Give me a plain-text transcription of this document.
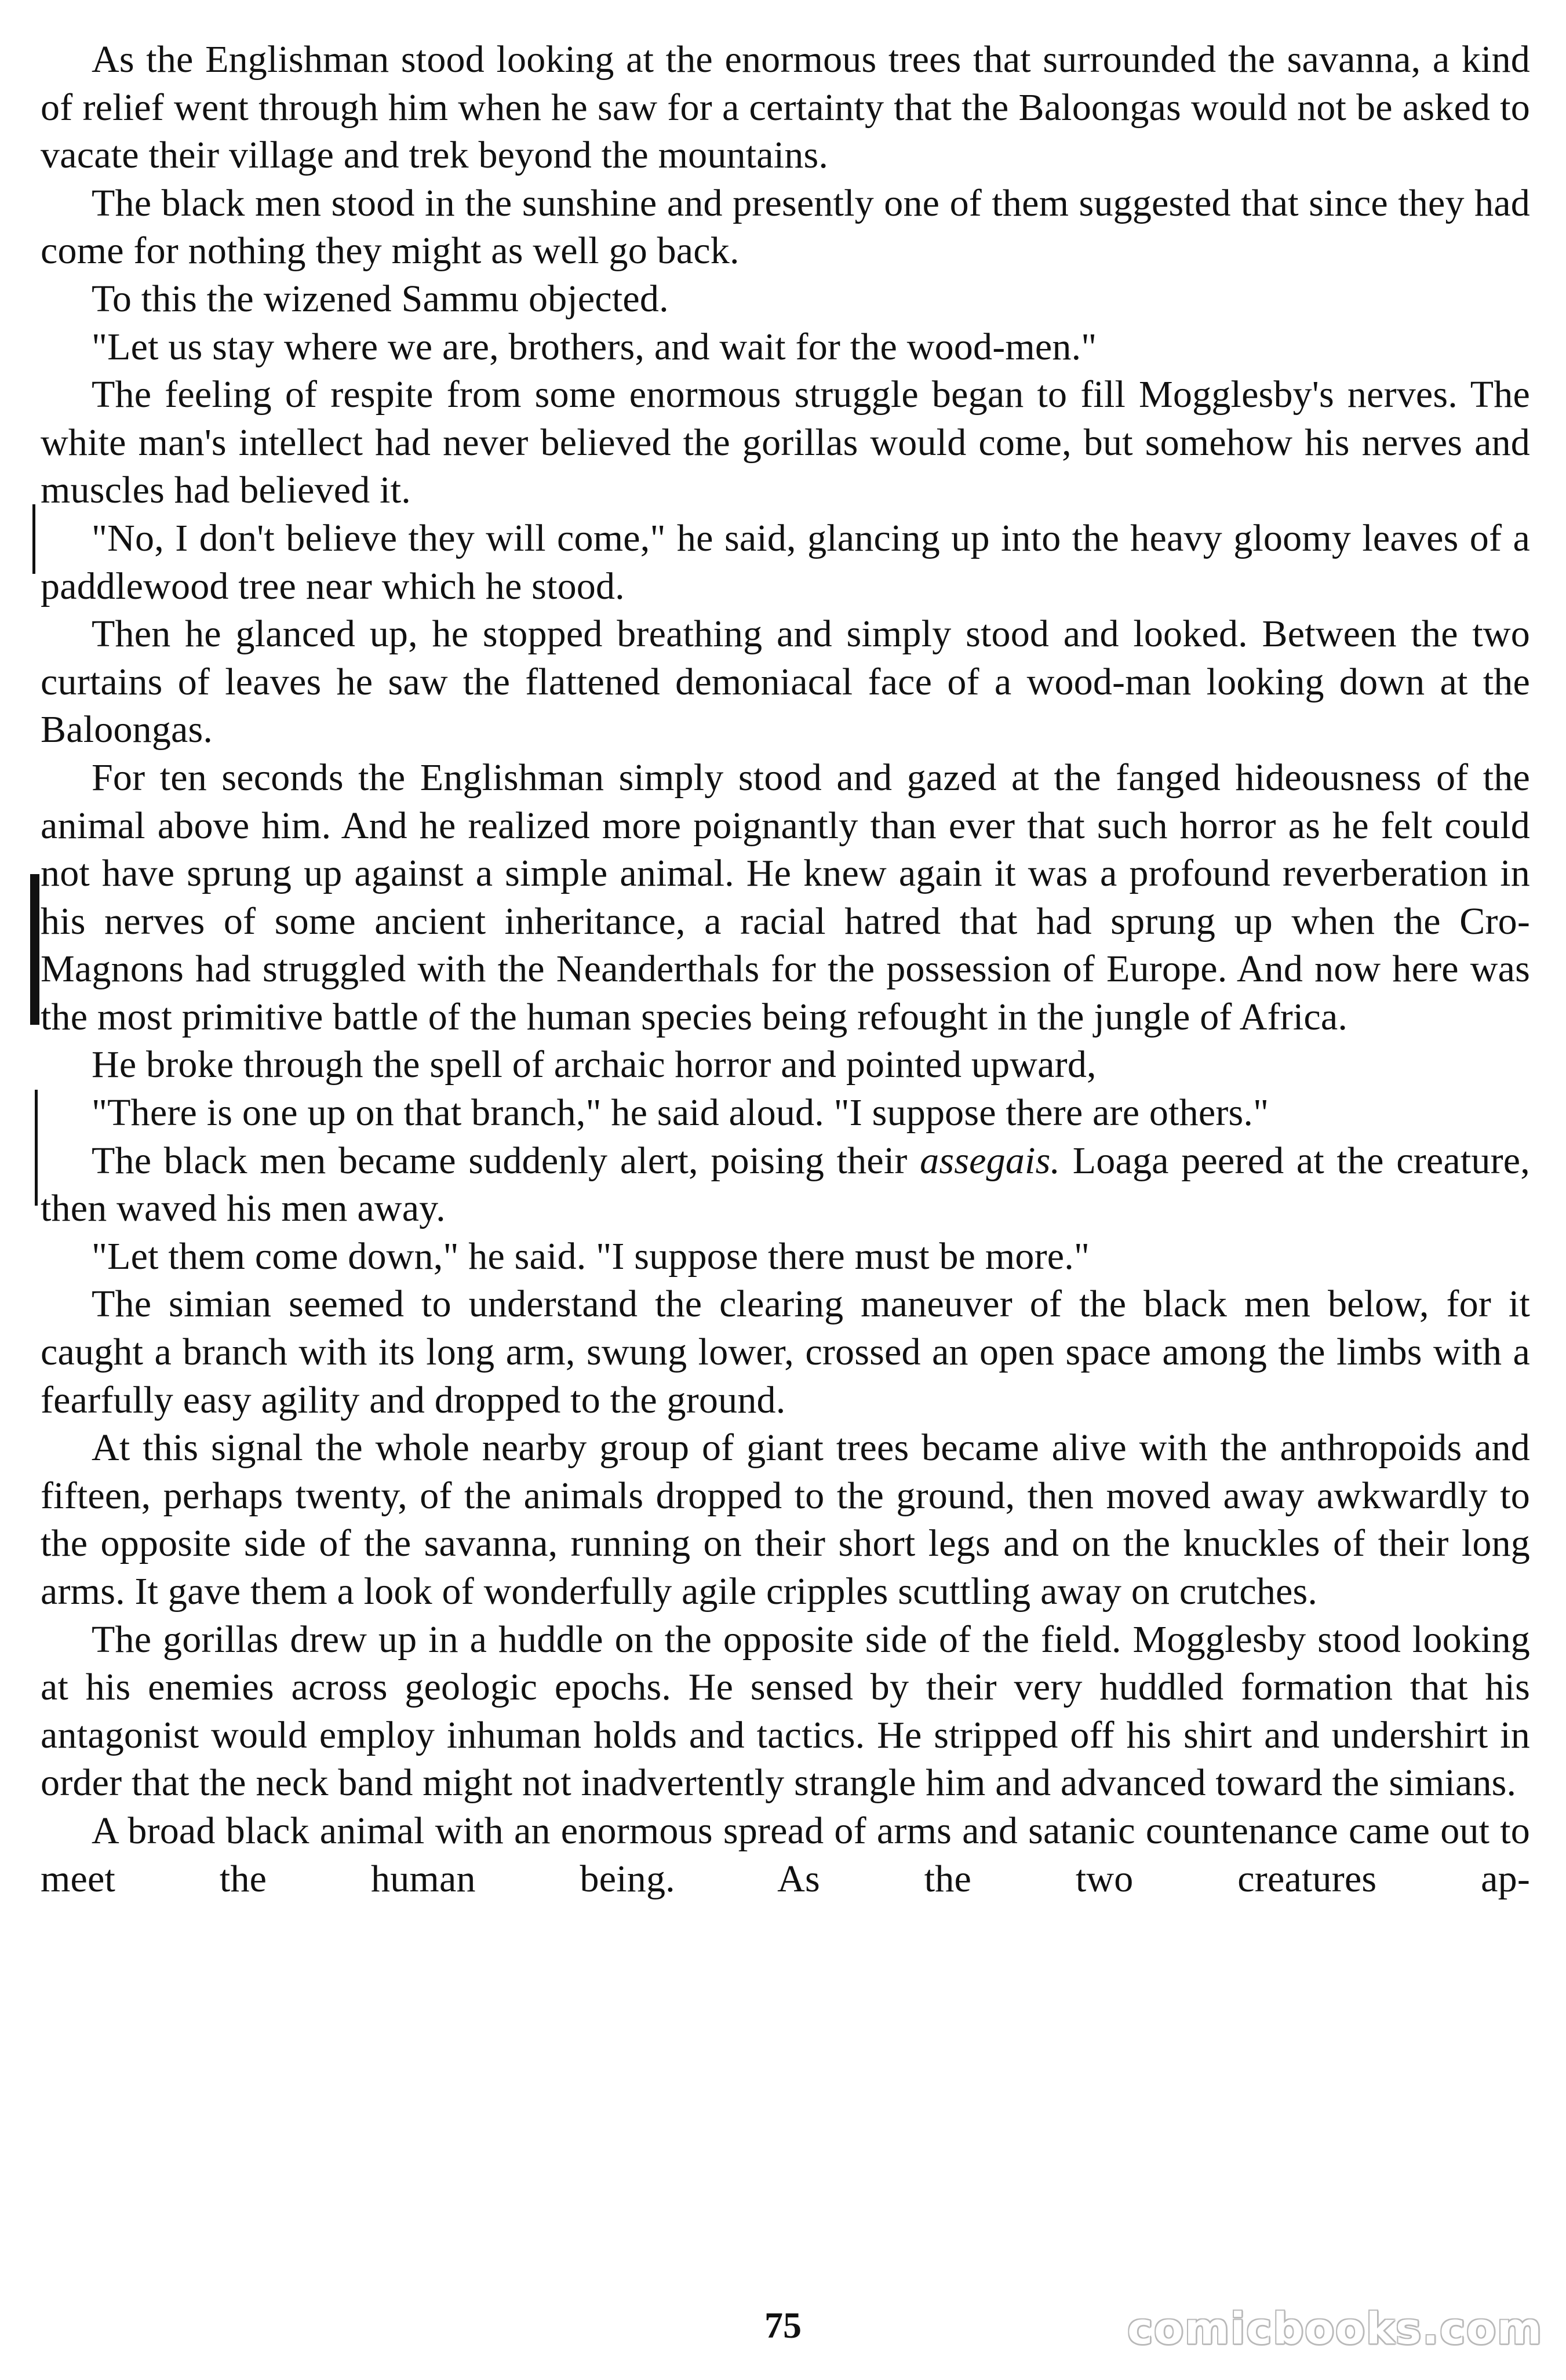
As the Englishman stood looking at the enormous trees that surrounded the savanna, a kind of relief went through him when he saw for a certainty that the Baloongas would not be asked to vacate their village and trek beyond the mountains.

The black men stood in the sunshine and presently one of them suggested that since they had come for nothing they might as well go back.

To this the wizened Sammu objected.

"Let us stay where we are, brothers, and wait for the wood-men."

The feeling of respite from some enormous struggle began to fill Mogglesby's nerves. The white man's intellect had never believed the gorillas would come, but somehow his nerves and muscles had believed it.

"No, I don't believe they will come," he said, glancing up into the heavy gloomy leaves of a paddlewood tree near which he stood.

Then he glanced up, he stopped breathing and simply stood and looked. Between the two curtains of leaves he saw the flattened demoniacal face of a wood-man looking down at the Baloongas.

For ten seconds the Englishman simply stood and gazed at the fanged hideousness of the animal above him. And he realized more poignantly than ever that such horror as he felt could not have sprung up against a simple animal. He knew again it was a profound reverberation in his nerves of some ancient inheritance, a racial hatred that had sprung up when the Cro-Magnons had struggled with the Neanderthals for the possession of Europe. And now here was the most primitive battle of the human species being refought in the jungle of Africa.

He broke through the spell of archaic horror and pointed upward,

"There is one up on that branch," he said aloud. "I suppose there are others."

The black men became suddenly alert, poising their assegais. Loaga peered at the creature, then waved his men away.

"Let them come down," he said. "I suppose there must be more."

The simian seemed to understand the clearing maneuver of the black men below, for it caught a branch with its long arm, swung lower, crossed an open space among the limbs with a fearfully easy agility and dropped to the ground.

At this signal the whole nearby group of giant trees became alive with the anthropoids and fifteen, perhaps twenty, of the animals dropped to the ground, then moved away awkwardly to the opposite side of the savanna, running on their short legs and on the knuckles of their long arms. It gave them a look of wonderfully agile cripples scuttling away on crutches.

The gorillas drew up in a huddle on the opposite side of the field. Mogglesby stood looking at his enemies across geologic epochs. He sensed by their very huddled formation that his antagonist would employ inhuman holds and tactics. He stripped off his shirt and undershirt in order that the neck band might not inadvertently strangle him and advanced toward the simians.

A broad black animal with an enormous spread of arms and satanic countenance came out to meet the human being. As the two creatures ap-

75	comicbooks.com
